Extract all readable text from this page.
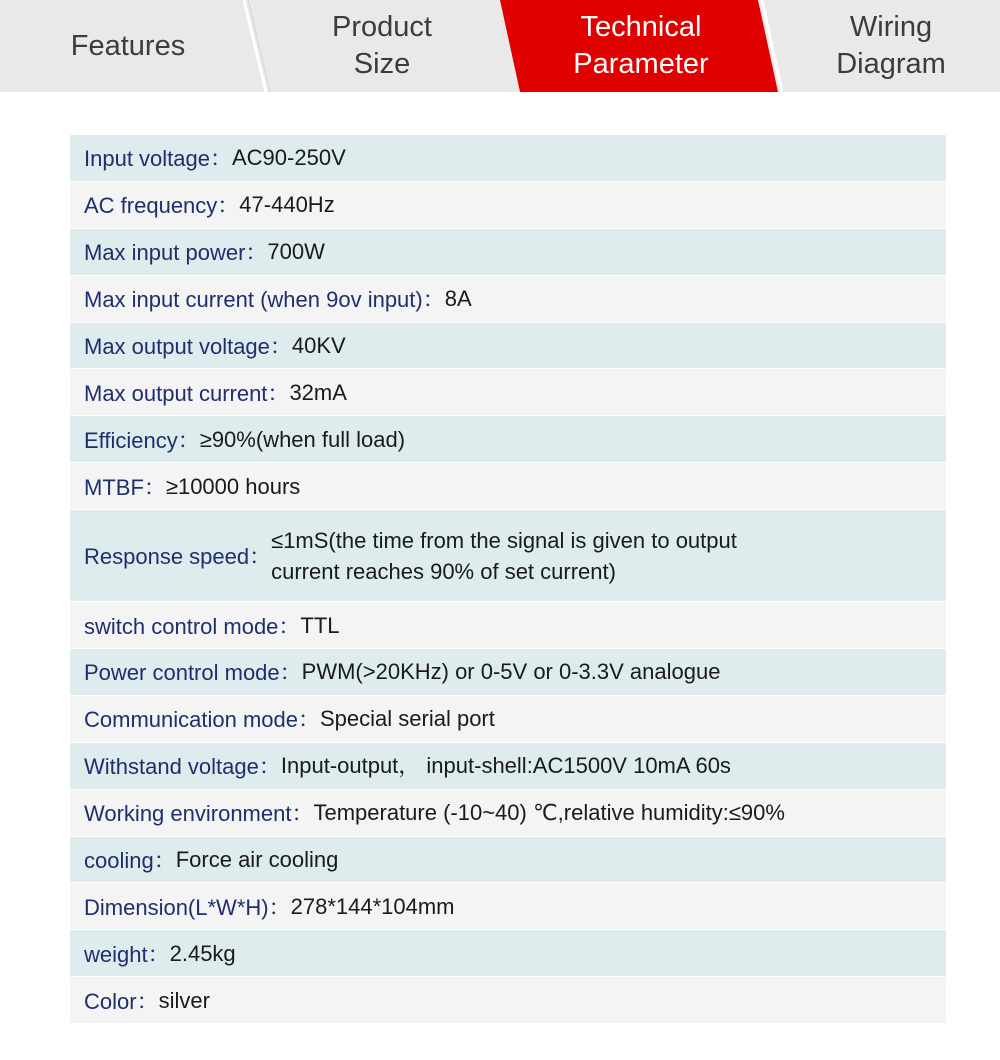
Features
Product
Size
Technical
Parameter
Wiring
Diagram
Input voltage： AC90-250V
AC frequency： 47-440Hz
Max input power： 700W
Max input current (when 9ov input)： 8A
Max output voltage： 40KV
Max output current： 32mA
Efficiency： ≥90%(when full load)
MTBF： ≥10000 hours
Response speed：
≤1mS(the time from the signal is given to output current reaches 90% of set current)
switch control mode： TTL
Power control mode： PWM(>20KHz) or 0-5V or 0-3.3V analogue
Communication mode： Special serial port
Withstand voltage： Input-output， input-shell:AC1500V 10mA 60s
Working environment： Temperature (-10~40) ℃,relative humidity:≤90%
cooling： Force air cooling
Dimension(L*W*H)： 278*144*104mm
weight： 2.45kg
Color： silver
